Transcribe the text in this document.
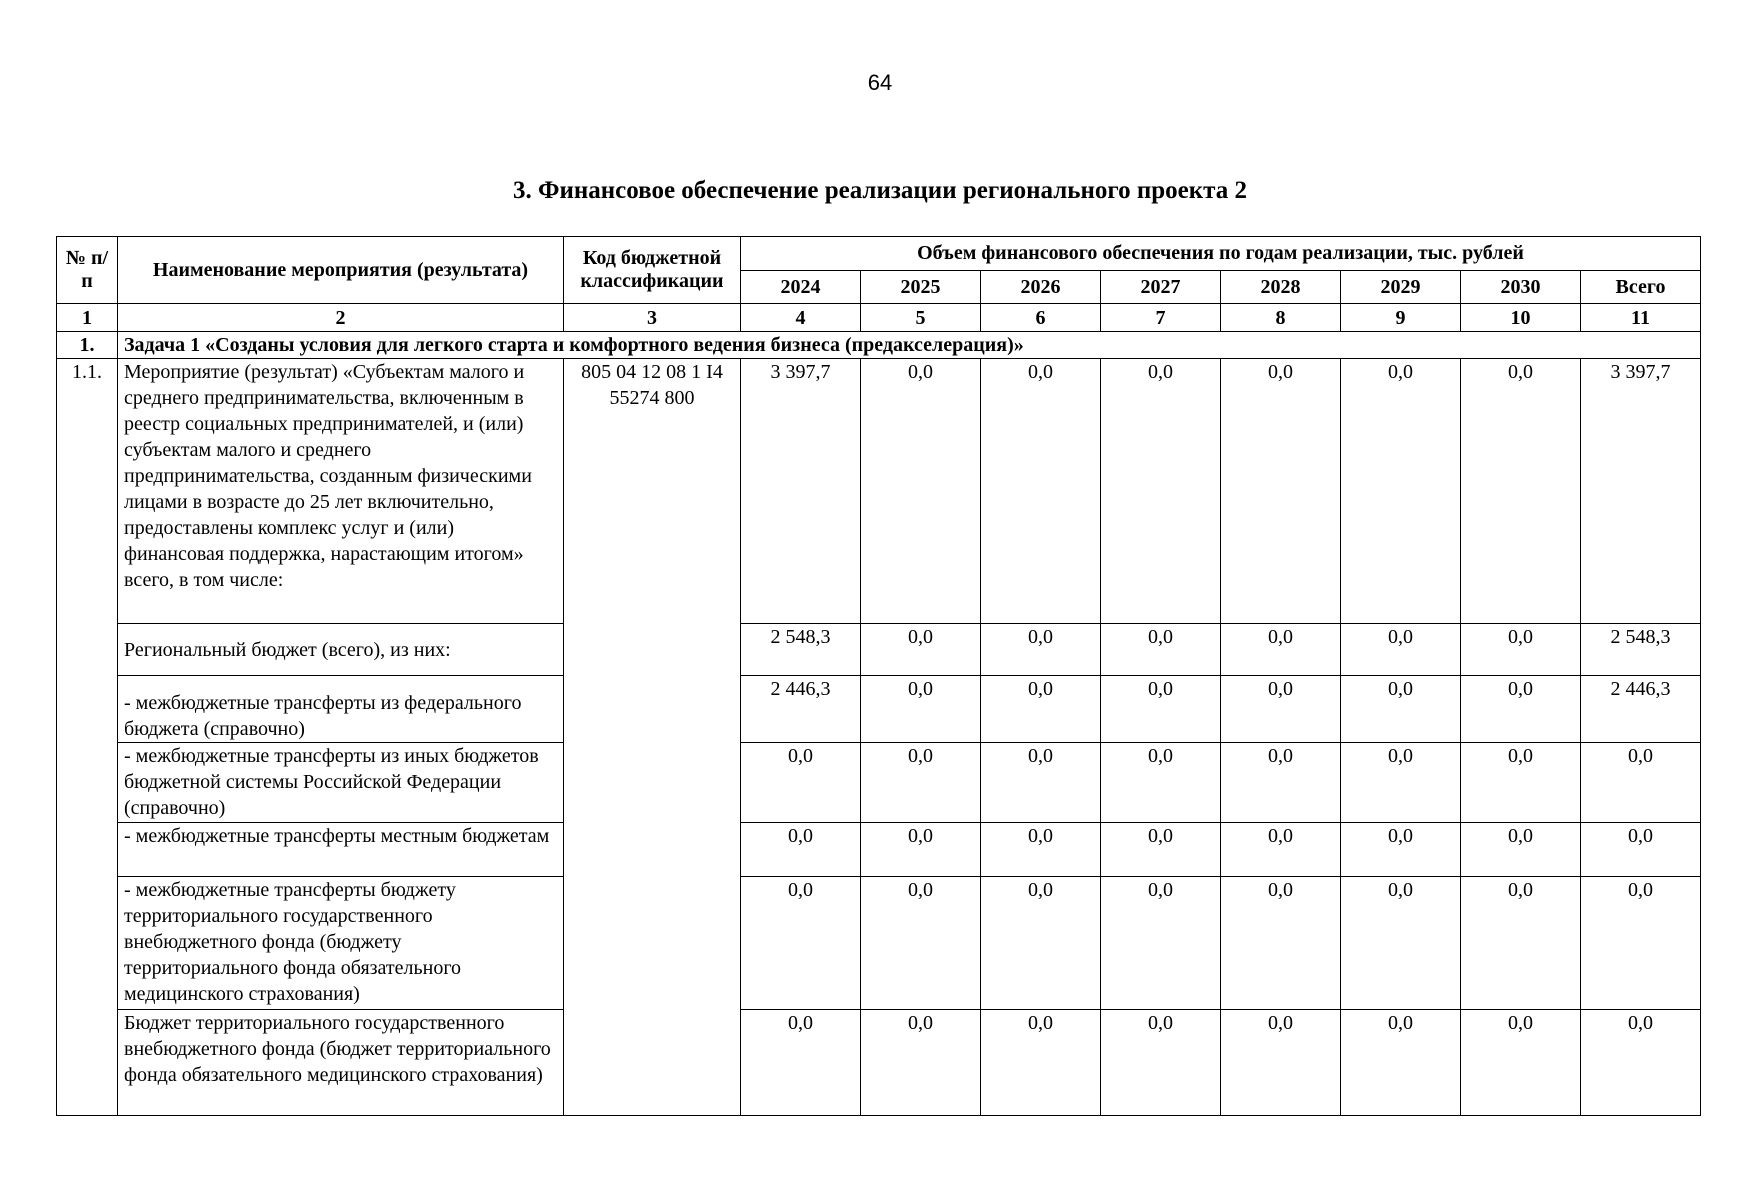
64
3. Финансовое обеспечение реализации регионального проекта 2
№ п/п	Наименование мероприятия (результата)	Код бюджетной классификации	Объем финансового обеспечения по годам реализации, тыс. рублей							
			2024	2025	2026	2027	2028	2029	2030	Всего
1	2	3	4	5	6	7	8	9	10	11
1.	Задача 1 «Созданы условия для легкого старта и комфортного ведения бизнеса (предакселерация)»									
1.1.	Мероприятие (результат) «Субъектам малого и среднего предпринимательства, включенным в реестр социальных предпринимателей, и (или) субъектам малого и среднего предпринимательства, созданным физическими лицами в возрасте до 25 лет включительно, предоставлены комплекс услуг и (или) финансовая поддержка, нарастающим итогом» всего, в том числе:	805 04 12 08 1 I4 55274 800	3 397,7	0,0	0,0	0,0	0,0	0,0	0,0	3 397,7
	Региональный бюджет (всего), из них:		2 548,3	0,0	0,0	0,0	0,0	0,0	0,0	2 548,3
	- межбюджетные трансферты из федерального бюджета (справочно)		2 446,3	0,0	0,0	0,0	0,0	0,0	0,0	2 446,3
	- межбюджетные трансферты из иных бюджетов бюджетной системы Российской Федерации (справочно)		0,0	0,0	0,0	0,0	0,0	0,0	0,0	0,0
	- межбюджетные трансферты местным бюджетам		0,0	0,0	0,0	0,0	0,0	0,0	0,0	0,0
	- межбюджетные трансферты бюджету территориального государственного внебюджетного фонда (бюджету территориального фонда обязательного медицинского страхования)		0,0	0,0	0,0	0,0	0,0	0,0	0,0	0,0
	Бюджет территориального государственного внебюджетного фонда (бюджет территориального фонда обязательного медицинского страхования)		0,0	0,0	0,0	0,0	0,0	0,0	0,0	0,0
